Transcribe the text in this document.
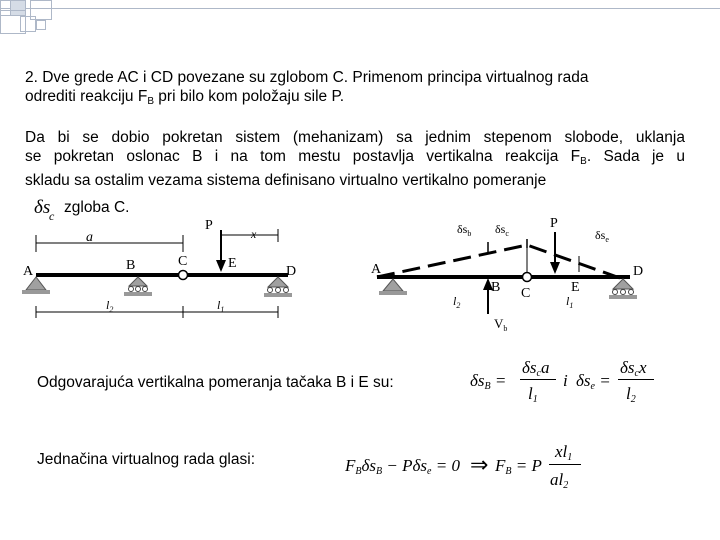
2. Dve grede AC i CD povezane su zglobom C. Primenom principa virtualnog rada
odrediti reakciju $F_B$ pri bilo kom položaju sile P.
Da bi se dobio pokretan sistem (mehanizam) sa jednim stepenom slobode, uklanja
se pokretan oslonac B i na tom mestu postavlja vertikalna reakcija $F_B$. Sada je u
skladu sa ostalim vezama sistema definisano virtualno vertikalno pomeranje
δs
c zgloba C.
a
P
x
A	B	C	E
D
$l_2$	$l_1$
$\delta s_b$ $\delta s_c$
P
$\delta s_e$
A
B C	E
D
$l_2$	$l_1$
$V_b$
Odgovarajuća vertikalna pomeranja tačaka B i E su:	$\delta s_B$ =
$\delta s_ca$
$l_1$
i $\delta s_e$ =
$\delta s_cx$
$l_2$
Jednačina virtualnog rada glasi:	$F_B\delta s_B - P\delta s_e = 0$ ⇒ $F_B = P$
$xl_1$
$al_2$
